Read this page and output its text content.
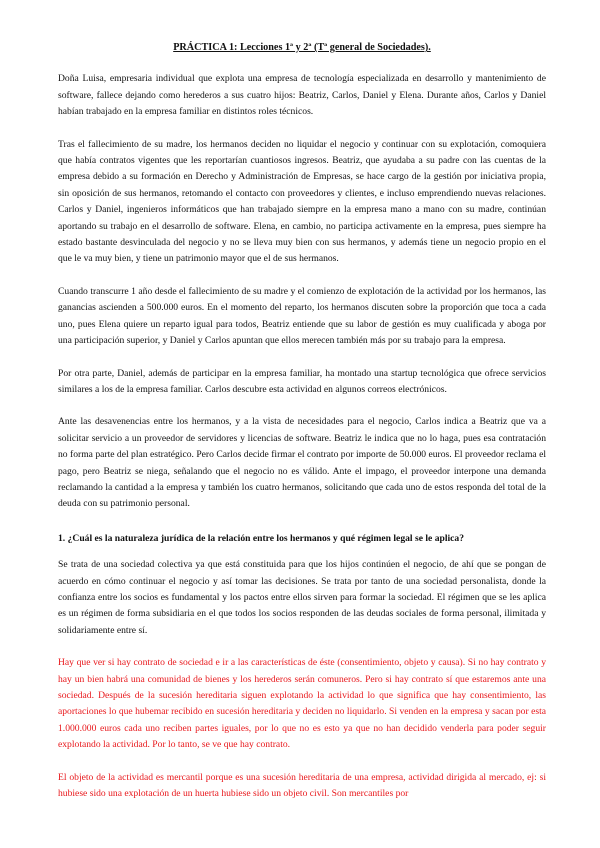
PRÁCTICA 1: Lecciones 1ª y 2ª (Tª general de Sociedades).

Doña Luisa, empresaria individual que explota una empresa de tecnología especializada en desarrollo y mantenimiento de software, fallece dejando como herederos a sus cuatro hijos: Beatriz, Carlos, Daniel y Elena. Durante años, Carlos y Daniel habían trabajado en la empresa familiar en distintos roles técnicos.

Tras el fallecimiento de su madre, los hermanos deciden no liquidar el negocio y continuar con su explotación, comoquiera que había contratos vigentes que les reportarían cuantiosos ingresos. Beatriz, que ayudaba a su padre con las cuentas de la empresa debido a su formación en Derecho y Administración de Empresas, se hace cargo de la gestión por iniciativa propia, sin oposición de sus hermanos, retomando el contacto con proveedores y clientes, e incluso emprendiendo nuevas relaciones. Carlos y Daniel, ingenieros informáticos que han trabajado siempre en la empresa mano a mano con su madre, continúan aportando su trabajo en el desarrollo de software. Elena, en cambio, no participa activamente en la empresa, pues siempre ha estado bastante desvinculada del negocio y no se lleva muy bien con sus hermanos, y además tiene un negocio propio en el que le va muy bien, y tiene un patrimonio mayor que el de sus hermanos.

Cuando transcurre 1 año desde el fallecimiento de su madre y el comienzo de explotación de la actividad por los hermanos, las ganancias ascienden a 500.000 euros. En el momento del reparto, los hermanos discuten sobre la proporción que toca a cada uno, pues Elena quiere un reparto igual para todos, Beatriz entiende que su labor de gestión es muy cualificada y aboga por una participación superior, y Daniel y Carlos apuntan que ellos merecen también más por su trabajo para la empresa.

Por otra parte, Daniel, además de participar en la empresa familiar, ha montado una startup tecnológica que ofrece servicios similares a los de la empresa familiar. Carlos descubre esta actividad en algunos correos electrónicos.

Ante las desavenencias entre los hermanos, y a la vista de necesidades para el negocio, Carlos indica a Beatriz que va a solicitar servicio a un proveedor de servidores y licencias de software. Beatriz le indica que no lo haga, pues esa contratación no forma parte del plan estratégico. Pero Carlos decide firmar el contrato por importe de 50.000 euros. El proveedor reclama el pago, pero Beatriz se niega, señalando que el negocio no es válido. Ante el impago, el proveedor interpone una demanda reclamando la cantidad a la empresa y también los cuatro hermanos, solicitando que cada uno de estos responda del total de la deuda con su patrimonio personal.

1. ¿Cuál es la naturaleza jurídica de la relación entre los hermanos y qué régimen legal se le aplica?

Se trata de una sociedad colectiva ya que está constituida para que los hijos continúen el negocio, de ahí que se pongan de acuerdo en cómo continuar el negocio y así tomar las decisiones. Se trata por tanto de una sociedad personalista, donde la confianza entre los socios es fundamental y los pactos entre ellos sirven para formar la sociedad. El régimen que se les aplica es un régimen de forma subsidiaria en el que todos los socios responden de las deudas sociales de forma personal, ilimitada y solidariamente entre sí.

Hay que ver si hay contrato de sociedad e ir a las características de éste (consentimiento, objeto y causa). Si no hay contrato y hay un bien habrá una comunidad de bienes y los herederos serán comuneros. Pero si hay contrato sí que estaremos ante una sociedad. Después de la sucesión hereditaria siguen explotando la actividad lo que significa que hay consentimiento, las aportaciones lo que hubemar recibido en sucesión hereditaria y deciden no liquidarlo. Si venden en la empresa y sacan por esta 1.000.000 euros cada uno reciben partes iguales, por lo que no es esto ya que no han decidido venderla para poder seguir explotando la actividad. Por lo tanto, se ve que hay contrato.

El objeto de la actividad es mercantil porque es una sucesión hereditaria de una empresa, actividad dirigida al mercado, ej: si hubiese sido una explotación de un huerta hubiese sido un objeto civil. Son mercantiles por
